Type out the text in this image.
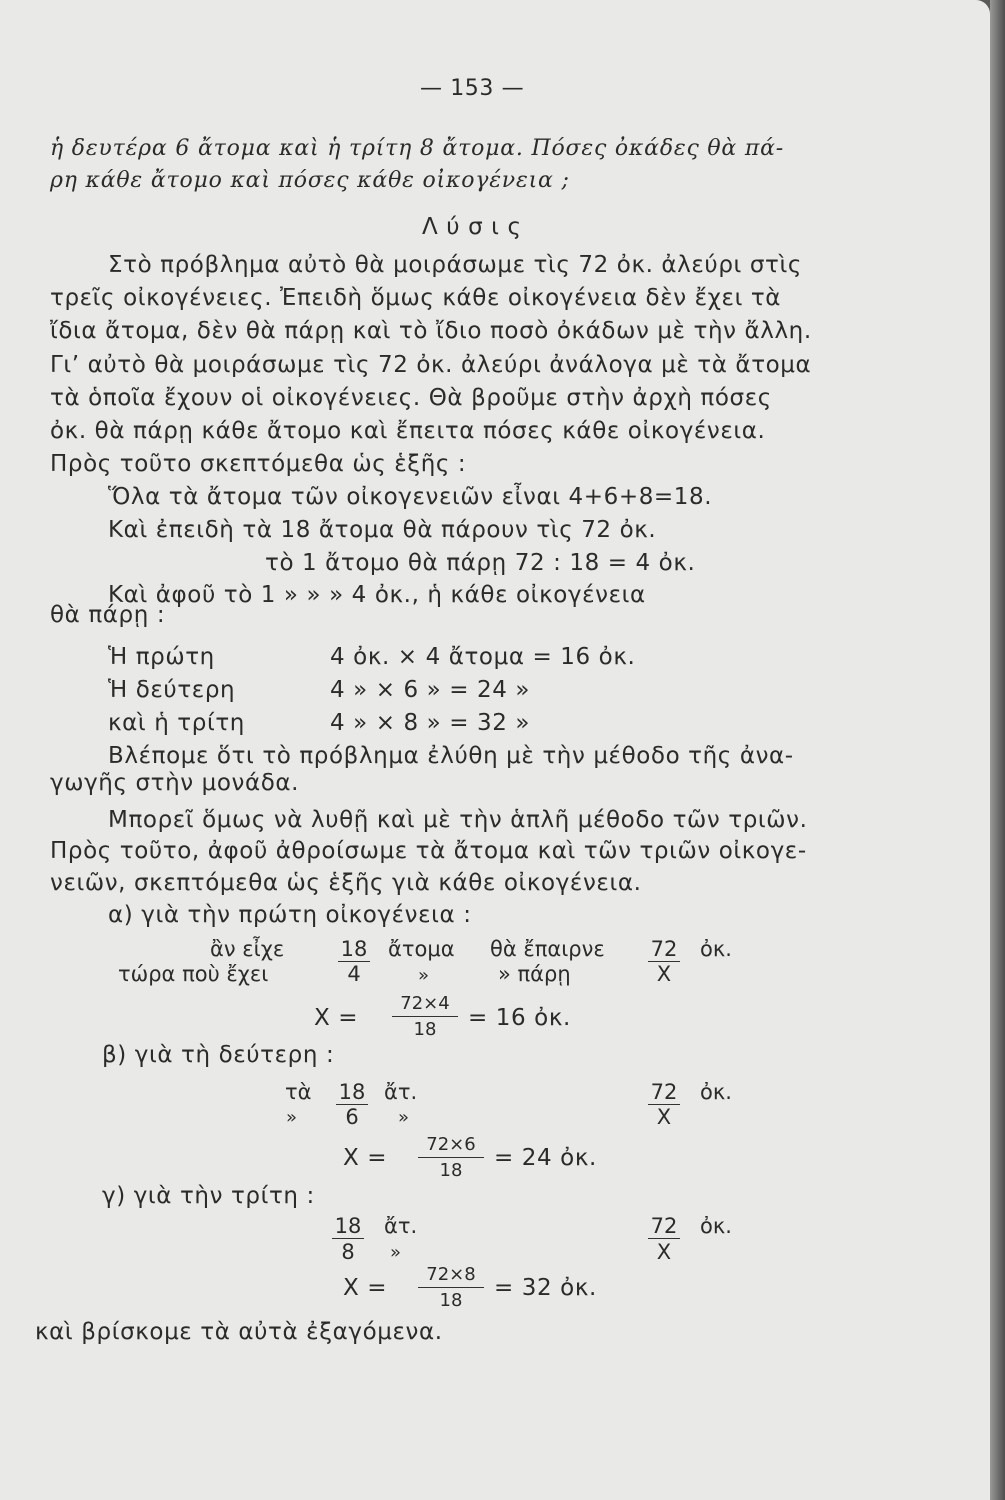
— 153 —
ἡ δευτέρα 6 ἄτομα καὶ ἡ τρίτη 8 ἄτομα. Πόσες ὀκάδες θὰ πά-
ρη κάθε ἄτομο καὶ πόσες κάθε οἰκογένεια ;
Λ ύ σ ι ς
Στὸ πρόβλημα αὐτὸ θὰ μοιράσωμε τὶς 72 ὀκ. ἀλεύρι στὶς
τρεῖς οἰκογένειες. Ἐπειδὴ ὅμως κάθε οἰκογένεια δὲν ἔχει τὰ
ἴδια ἄτομα, δὲν θὰ πάρῃ καὶ τὸ ἴδιο ποσὸ ὀκάδων μὲ τὴν ἄλλη.
Γι’ αὐτὸ θὰ μοιράσωμε τὶς 72 ὀκ. ἀλεύρι ἀνάλογα μὲ τὰ ἄτομα
τὰ ὁποῖα ἔχουν οἱ οἰκογένειες. Θὰ βροῦμε στὴν ἀρχὴ πόσες
ὀκ. θὰ πάρῃ κάθε ἄτομο καὶ ἔπειτα πόσες κάθε οἰκογένεια.
Πρὸς τοῦτο σκεπτόμεθα ὡς ἑξῆς :
Ὅλα τὰ ἄτομα τῶν οἰκογενειῶν εἶναι 4+6+8=18.
Καὶ ἐπειδὴ τὰ 18 ἄτομα θὰ πάρουν τὶς 72 ὀκ.
τὸ 1 ἄτομο θὰ πάρῃ 72 : 18 = 4 ὀκ.
Καὶ ἀφοῦ τὸ 1 » » » 4 ὀκ., ἡ κάθε οἰκογένεια
θὰ πάρῃ :
Ἡ πρώτη	4 ὀκ. × 4 ἄτομα = 16 ὀκ.
Ἡ δεύτερη	4 » × 6 » = 24 »
καὶ ἡ τρίτη	4 » × 8 » = 32 »
Βλέπομε ὅτι τὸ πρόβλημα ἐλύθη μὲ τὴν μέθοδο τῆς ἀνα-
γωγῆς στὴν μονάδα.
Μπορεῖ ὅμως νὰ λυθῇ καὶ μὲ τὴν ἁπλῆ μέθοδο τῶν τριῶν.
Πρὸς τοῦτο, ἀφοῦ ἀθροίσωμε τὰ ἄτομα καὶ τῶν τριῶν οἰκογε-
νειῶν, σκεπτόμεθα ὡς ἑξῆς γιὰ κάθε οἰκογένεια.
α) γιὰ τὴν πρώτη οἰκογένεια :
ἂν εἶχε	18 ἄτομα θὰ ἔπαιρνε 72 ὀκ.
τώρα ποὺ ἔχει	4	»	» πάρῃ	X
X =
72×4
18	= 16 ὀκ.
β) γιὰ τὴ δεύτερη :
τὰ 18 ἄτ.	72 ὀκ.
»	6	»	X
X =
72×6
18	= 24 ὀκ.
γ) γιὰ τὴν τρίτη :
18 ἄτ.	72 ὀκ.
8	»	X
X =
72×8
18	= 32 ὀκ.
καὶ βρίσκομε τὰ αὐτὰ ἐξαγόμενα.
